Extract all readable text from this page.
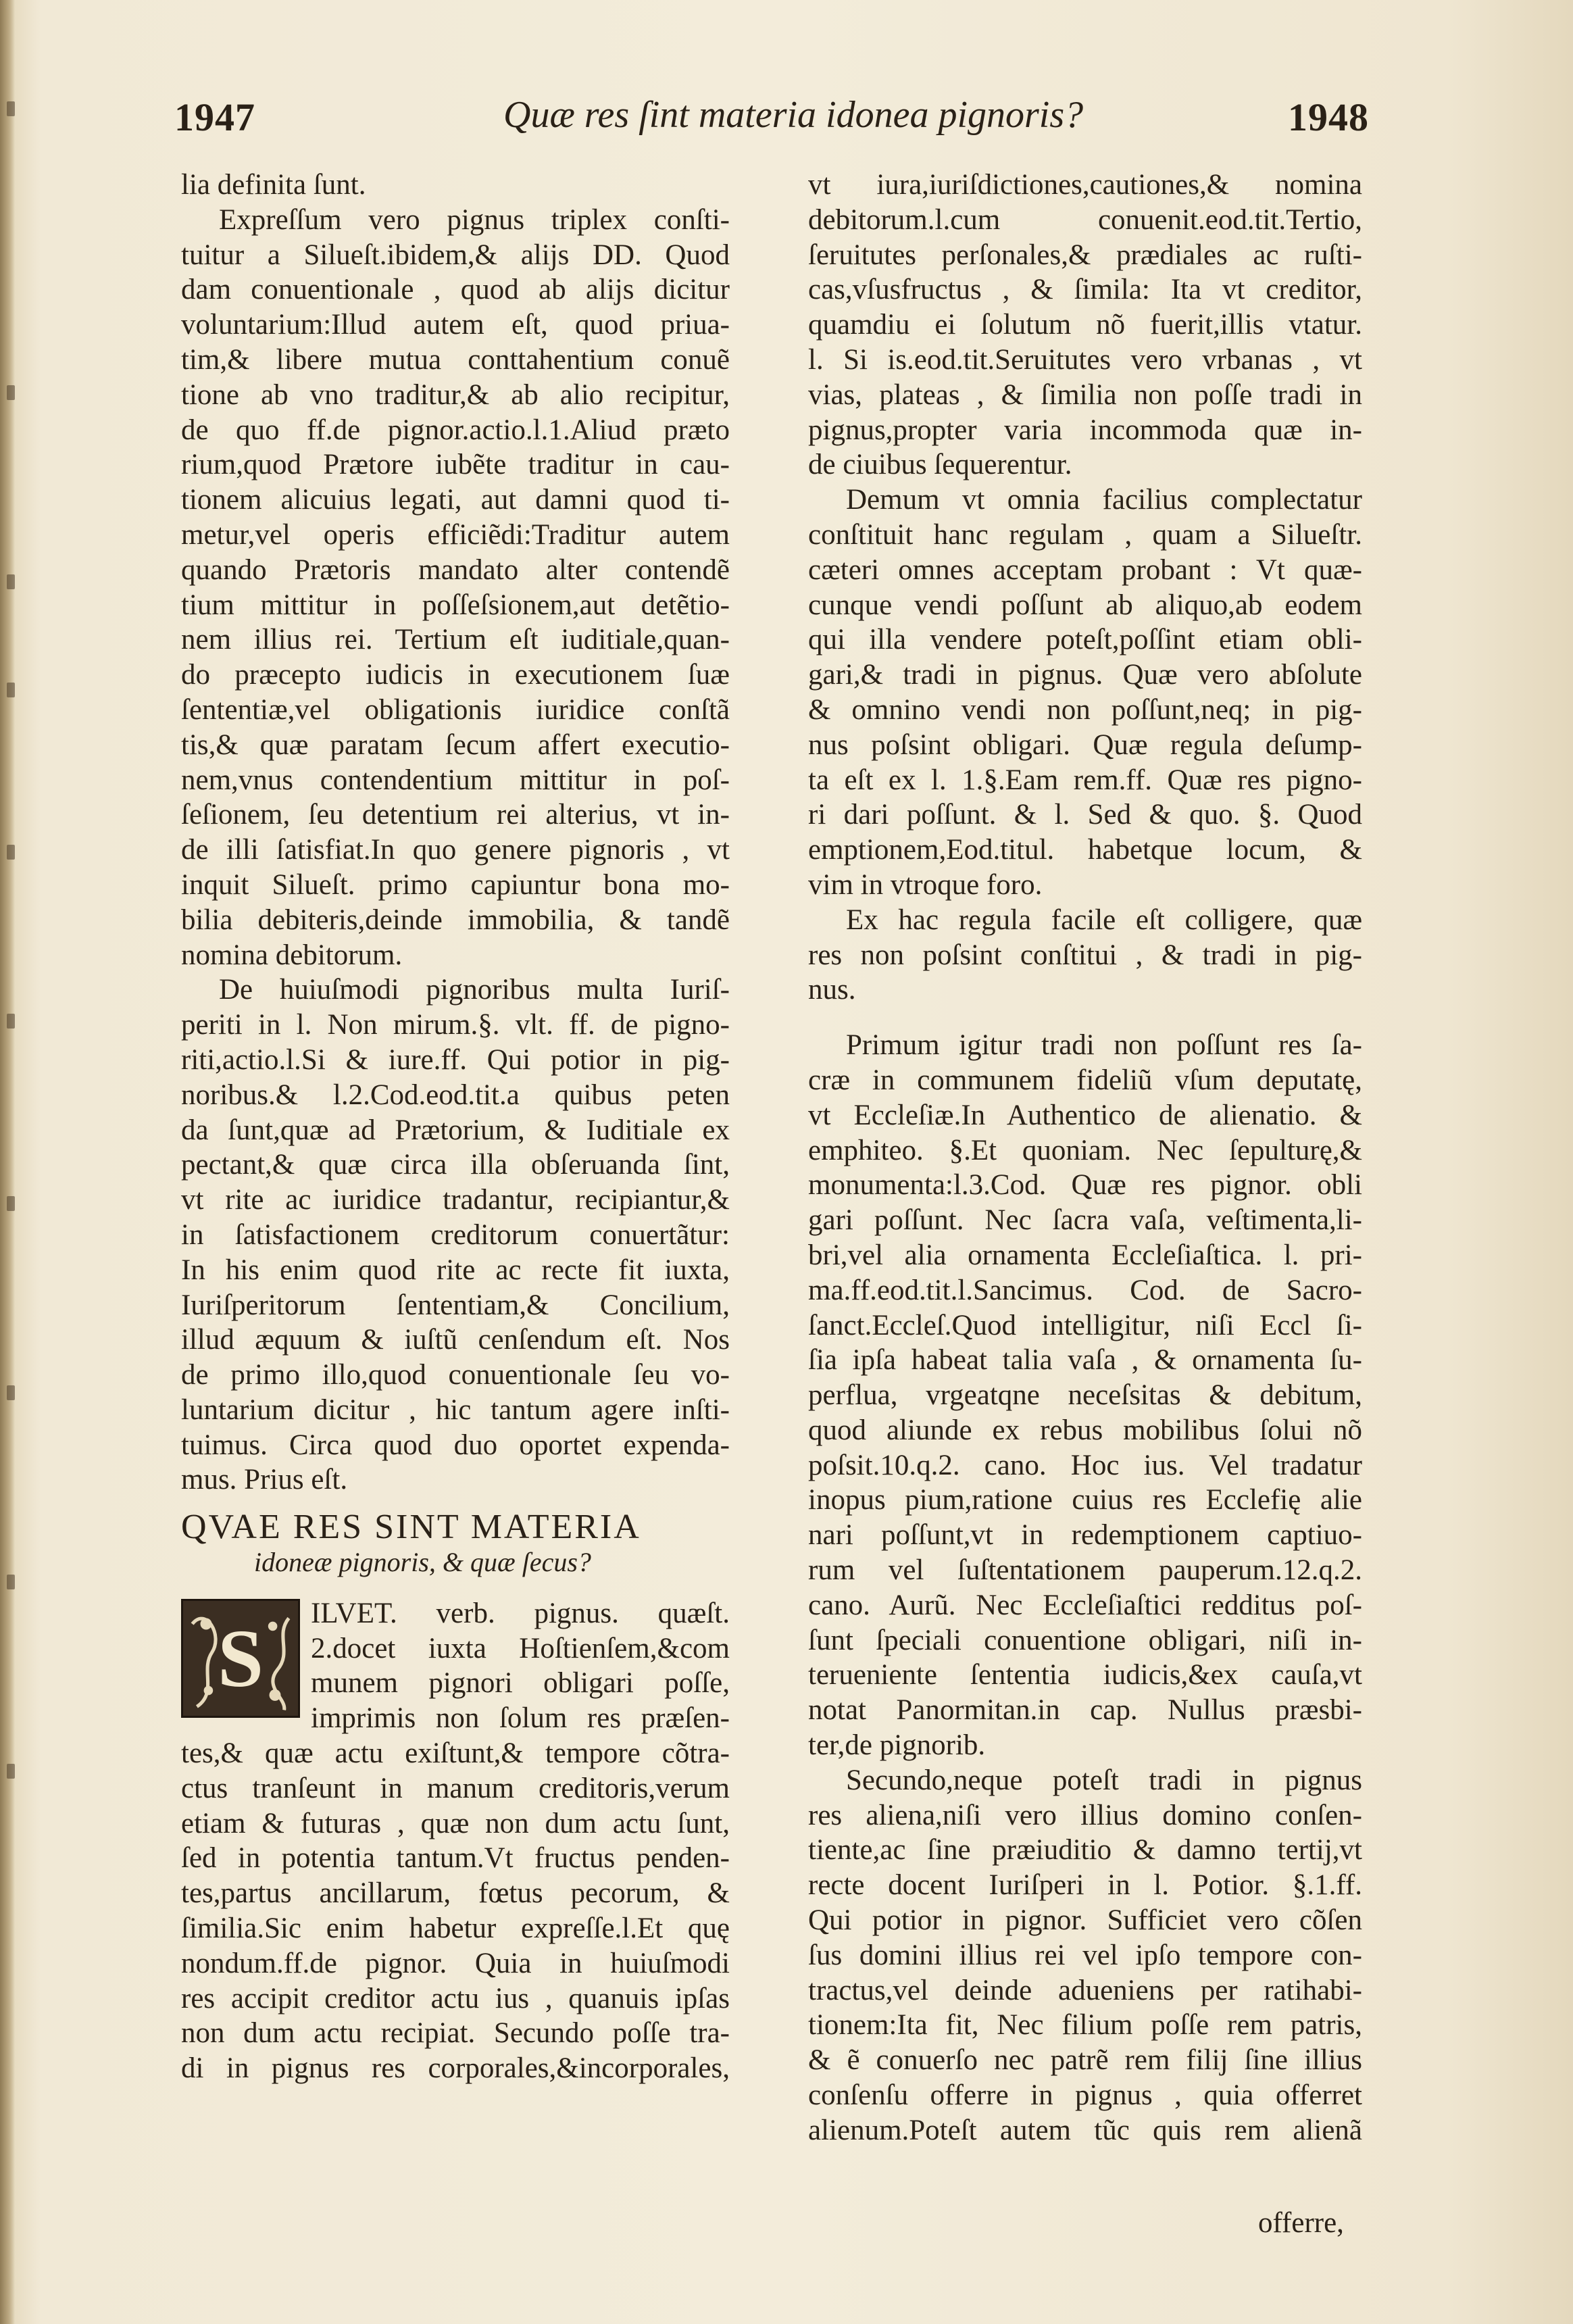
1947	Quæ res ſint materia idonea pignoris?	1948
lia definita ſunt.
Expreſſum vero pignus triplex conſti-
tuitur a Silueſt.ibidem,& alijs DD. Quod
dam conuentionale , quod ab alijs dicitur
voluntarium:Illud autem eſt, quod priua-
tim,& libere mutua conttahentium conuẽ
tione ab vno traditur,& ab alio recipitur,
de quo ff.de pignor.actio.l.1.Aliud præto
rium,quod Prætore iubẽte traditur in cau-
tionem alicuius legati, aut damni quod ti-
metur,vel operis efficiẽdi:Traditur autem
quando Prætoris mandato alter contendẽ
tium mittitur in poſſeſsionem,aut detẽtio-
nem illius rei. Tertium eſt iuditiale,quan-
do præcepto iudicis in executionem ſuæ
ſententiæ,vel obligationis iuridice conſtã
tis,& quæ paratam ſecum affert executio-
nem,vnus contendentium mittitur in poſ-
ſeſionem, ſeu detentium rei alterius, vt in-
de illi ſatisfiat.In quo genere pignoris , vt
inquit Silueſt. primo capiuntur bona mo-
bilia debiteris,deinde immobilia, & tandẽ
nomina debitorum.
De huiuſmodi pignoribus multa Iuriſ-
periti in l. Non mirum.§. vlt. ff. de pigno-
riti,actio.l.Si & iure.ff. Qui potior in pig-
noribus.& l.2.Cod.eod.tit.a quibus peten
da ſunt,quæ ad Prætorium, & Iuditiale ex
pectant,& quæ circa illa obſeruanda ſint,
vt rite ac iuridice tradantur, recipiantur,&
in ſatisfactionem creditorum conuertãtur:
In his enim quod rite ac recte fit iuxta,
Iuriſperitorum ſententiam,& Concilium,
illud æquum & iuſtũ cenſendum eſt. Nos
de primo illo,quod conuentionale ſeu vo-
luntarium dicitur , hic tantum agere inſti-
tuimus. Circa quod duo oportet expenda-
mus. Prius eſt.
QVAE RES SINT MATERIA
idoneæ pignoris, & quæ ſecus?
S ILVET. verb. pignus. quæſt.
2.docet iuxta Hoſtienſem,&com
munem pignori obligari poſſe,
imprimis non ſolum res præſen-
tes,& quæ actu exiſtunt,& tempore cõtra-
ctus tranſeunt in manum creditoris,verum
etiam & futuras , quæ non dum actu ſunt,
ſed in potentia tantum.Vt fructus penden-
tes,partus ancillarum, fœtus pecorum, &
ſimilia.Sic enim habetur expreſſe.l.Et quę
nondum.ff.de pignor. Quia in huiuſmodi
res accipit creditor actu ius , quanuis ipſas
non dum actu recipiat. Secundo poſſe tra-
di in pignus res corporales,&incorporales,
vt iura,iuriſdictiones,cautiones,& nomina
debitorum.l.cum conuenit.eod.tit.Tertio,
ſeruitutes perſonales,& prædiales ac ruſti-
cas,vſusfructus , & ſimila: Ita vt creditor,
quamdiu ei ſolutum nõ fuerit,illis vtatur.
l. Si is.eod.tit.Seruitutes vero vrbanas , vt
vias, plateas , & ſimilia non poſſe tradi in
pignus,propter varia incommoda quæ in-
de ciuibus ſequerentur.
Demum vt omnia facilius complectatur
conſtituit hanc regulam , quam a Silueſtr.
cæteri omnes acceptam probant : Vt quæ-
cunque vendi poſſunt ab aliquo,ab eodem
qui illa vendere poteſt,poſſint etiam obli-
gari,& tradi in pignus. Quæ vero abſolute
& omnino vendi non poſſunt,neq; in pig-
nus poſsint obligari. Quæ regula deſump-
ta eſt ex l. 1.§.Eam rem.ff. Quæ res pigno-
ri dari poſſunt. & l. Sed & quo. §. Quod
emptionem,Eod.titul. habetque locum, &
vim in vtroque foro.
Ex hac regula facile eſt colligere, quæ
res non poſsint conſtitui , & tradi in pig-
nus.
Primum igitur tradi non poſſunt res ſa-
cræ in communem fideliũ vſum deputatę,
vt Eccleſiæ.In Authentico de alienatio. &
emphiteo. §.Et quoniam. Nec ſepulturę,&
monumenta:l.3.Cod. Quæ res pignor. obli
gari poſſunt. Nec ſacra vaſa, veſtimenta,li-
bri,vel alia ornamenta Eccleſiaſtica. l. pri-
ma.ff.eod.tit.l.Sancimus. Cod. de Sacro-
ſanct.Eccleſ.Quod intelligitur, niſi Eccl ſi-
ſia ipſa habeat talia vaſa , & ornamenta ſu-
perflua, vrgeatqne neceſsitas & debitum,
quod aliunde ex rebus mobilibus ſolui nõ
poſsit.10.q.2. cano. Hoc ius. Vel tradatur
inopus pium,ratione cuius res Ecclefię alie
nari poſſunt,vt in redemptionem captiuo-
rum vel ſuſtentationem pauperum.12.q.2.
cano. Aurũ. Nec Eccleſiaſtici redditus poſ-
ſunt ſpeciali conuentione obligari, niſi in-
terueniente ſententia iudicis,&ex cauſa,vt
notat Panormitan.in cap. Nullus præsbi-
ter,de pignorib.
Secundo,neque poteſt tradi in pignus
res aliena,niſi vero illius domino conſen-
tiente,ac ſine præiuditio & damno tertij,vt
recte docent Iuriſperi in l. Potior. §.1.ff.
Qui potior in pignor. Sufficiet vero cõſen
ſus domini illius rei vel ipſo tempore con-
tractus,vel deinde adueniens per ratihabi-
tionem:Ita fit, Nec filium poſſe rem patris,
& ẽ conuerſo nec patrẽ rem filij ſine illius
conſenſu offerre in pignus , quia offerret
alienum.Poteſt autem tũc quis rem alienã
offerre,
